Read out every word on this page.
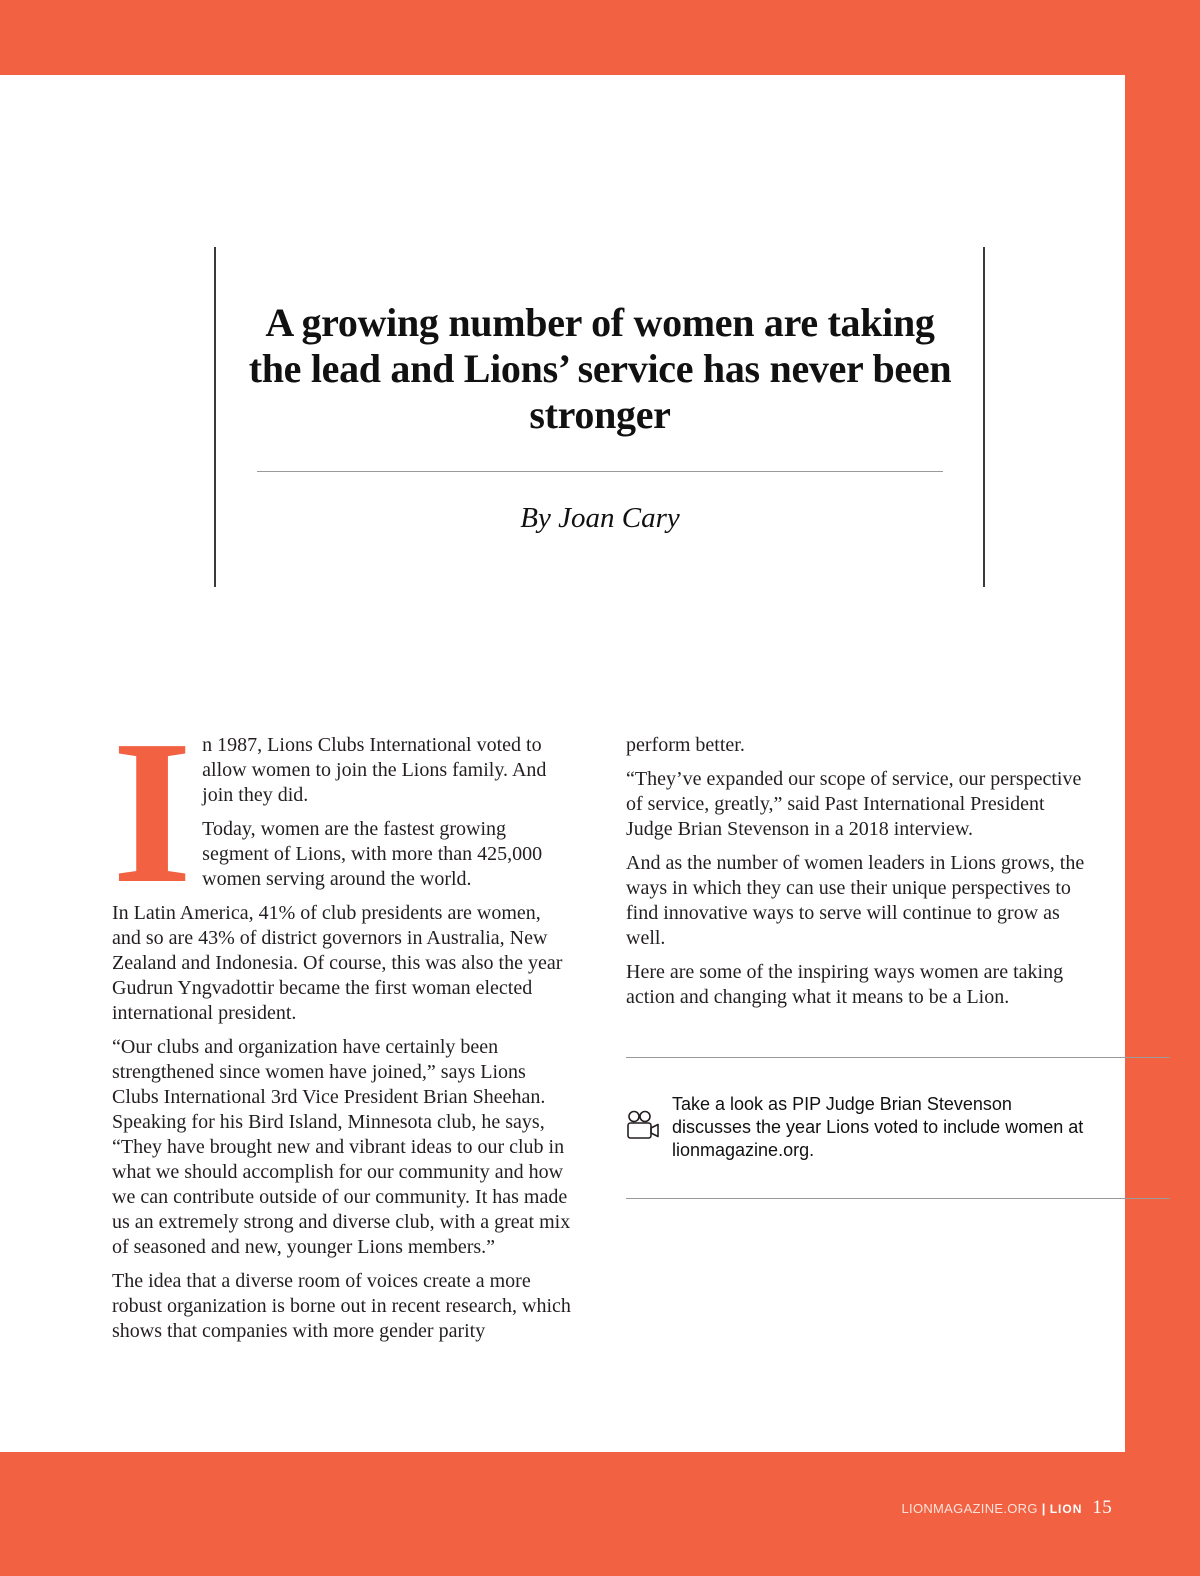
A growing number of women are taking the lead and Lions’ service has never been stronger
By Joan Cary

I n 1987, Lions Clubs International voted to allow women to join the Lions family. And join they did.

Today, women are the fastest growing segment of Lions, with more than 425,000 women serving around the world.

In Latin America, 41% of club presidents are women, and so are 43% of district governors in Australia, New Zealand and Indonesia. Of course, this was also the year Gudrun Yngvadottir became the first woman elected international president.

“Our clubs and organization have certainly been strengthened since women have joined,” says Lions Clubs International 3rd Vice President Brian Sheehan. Speaking for his Bird Island, Minnesota club, he says, “They have brought new and vibrant ideas to our club in what we should accomplish for our community and how we can contribute outside of our community. It has made us an extremely strong and diverse club, with a great mix of seasoned and new, younger Lions members.”

The idea that a diverse room of voices create a more robust organization is borne out in recent research, which shows that companies with more gender parity

perform better.

“They’ve expanded our scope of service, our perspective of service, greatly,” said Past International President Judge Brian Stevenson in a 2018 interview.

And as the number of women leaders in Lions grows, the ways in which they can use their unique perspectives to find innovative ways to serve will continue to grow as well.

Here are some of the inspiring ways women are taking action and changing what it means to be a Lion.

Take a look as PIP Judge Brian Stevenson discusses the year Lions voted to include women at lionmagazine.org.
LIONMAGAZINE.ORG | LION 15
